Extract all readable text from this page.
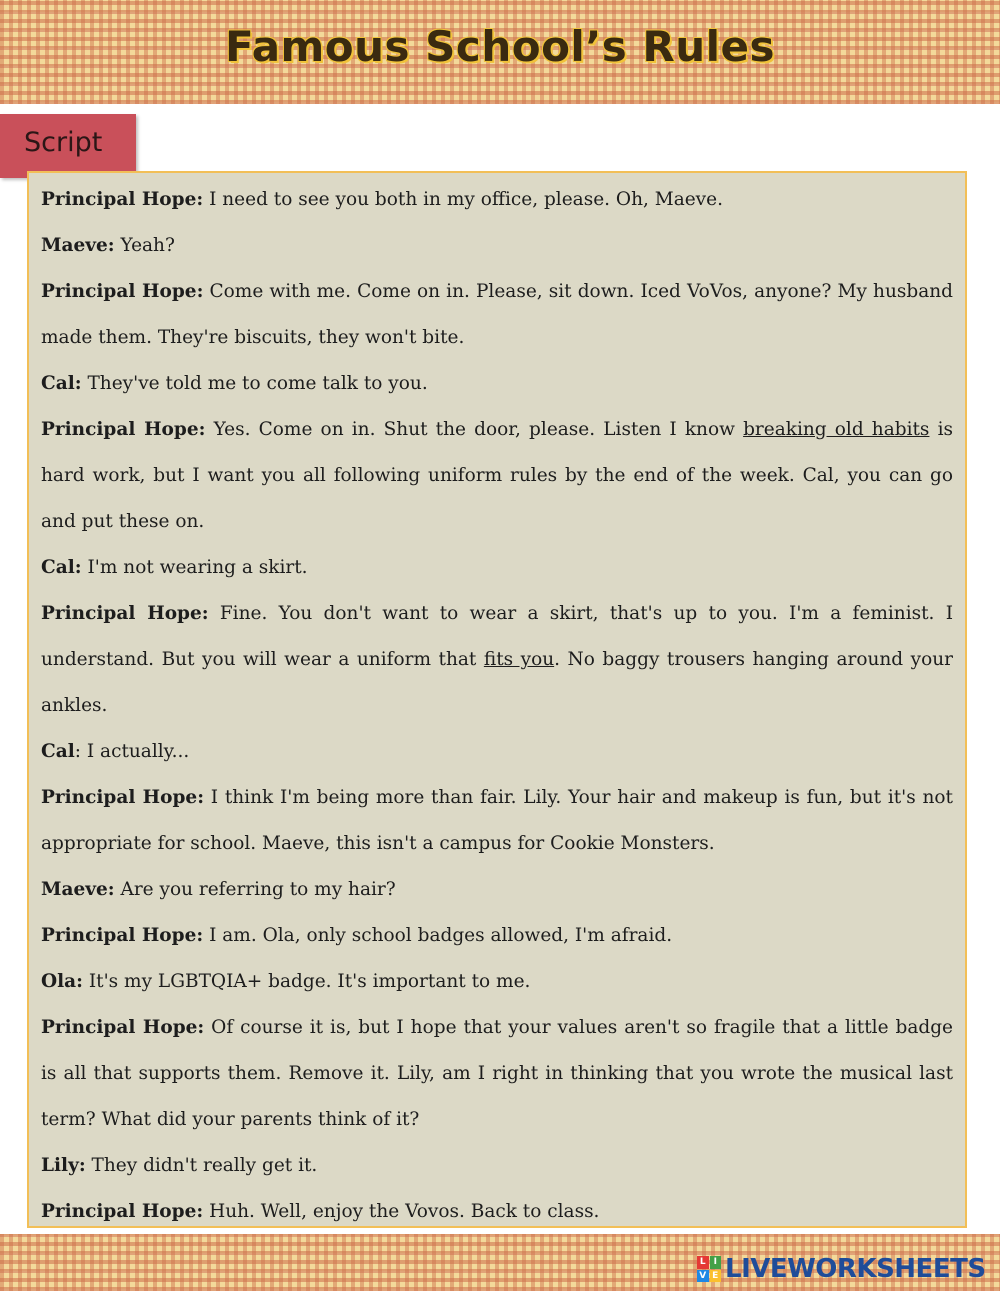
Famous School’s Rules
Script

Principal Hope: I need to see you both in my office, please. Oh, Maeve.

Maeve: Yeah?

Principal Hope: Come with me. Come on in. Please, sit down. Iced VoVos, anyone? My husband made them. They're biscuits, they won't bite.

Cal: They've told me to come talk to you.

Principal Hope: Yes. Come on in. Shut the door, please. Listen I know breaking old habits is hard work, but I want you all following uniform rules by the end of the week. Cal, you can go and put these on.

Cal: I'm not wearing a skirt.

Principal Hope: Fine. You don't want to wear a skirt, that's up to you. I'm a feminist. I understand. But you will wear a uniform that fits you. No baggy trousers hanging around your ankles.

Cal: I actually...

Principal Hope: I think I'm being more than fair. Lily. Your hair and makeup is fun, but it's not appropriate for school. Maeve, this isn't a campus for Cookie Monsters.

Maeve: Are you referring to my hair?

Principal Hope: I am. Ola, only school badges allowed, I'm afraid.

Ola: It's my LGBTQIA+ badge. It's important to me.

Principal Hope: Of course it is, but I hope that your values aren't so fragile that a little badge is all that supports them. Remove it. Lily, am I right in thinking that you wrote the musical last term? What did your parents think of it?

Lily: They didn't really get it.

Principal Hope: Huh. Well, enjoy the Vovos. Back to class.

L I
V E LIVEWORKSHEETS
